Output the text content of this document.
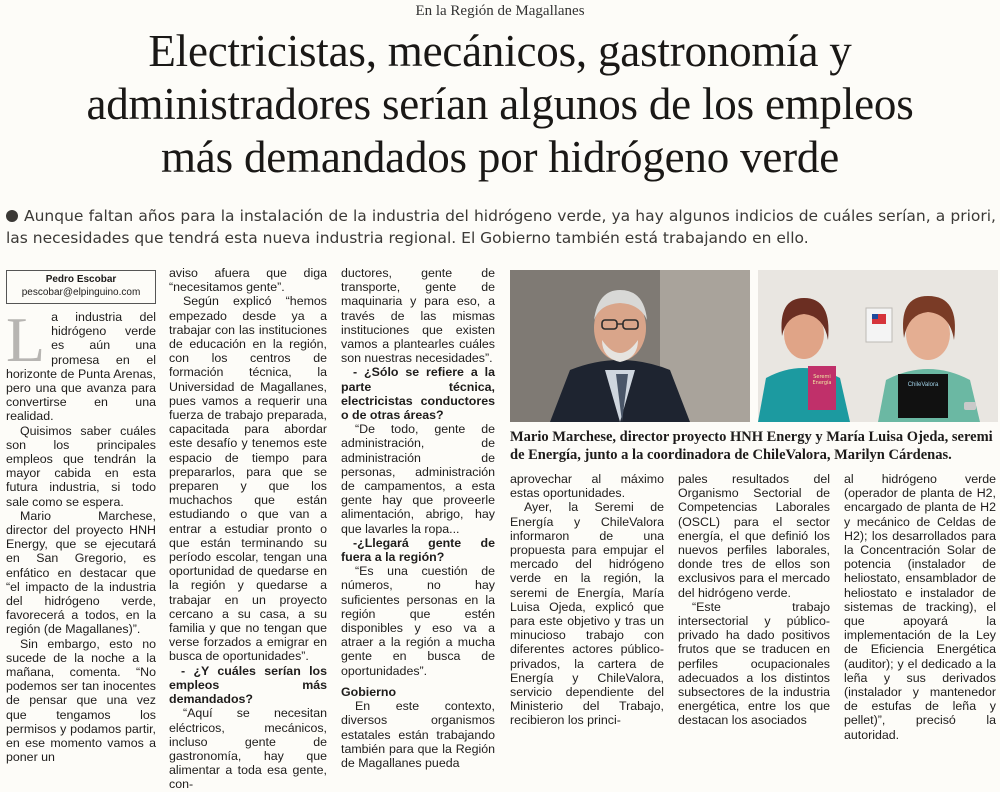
En la Región de Magallanes
Electricistas, mecánicos, gastronomía y
administradores serían algunos de los empleos
más demandados por hidrógeno verde
Aunque faltan años para la instalación de la industria del hidrógeno verde, ya hay algunos indicios de cuáles serían, a priori, las necesidades que tendrá esta nueva industria regional. El Gobierno también está trabajando en ello.
Pedro Escobar
pescobar@elpinguino.com

La industria del hidrógeno verde es aún una promesa en el horizonte de Punta Arenas, pero una que avanza para convertirse en una realidad.

Quisimos saber cuáles son los principales empleos que tendrán la mayor cabida en esta futura industria, si todo sale como se espera.

Mario Marchese, director del proyecto HNH Energy, que se ejecutará en San Gregorio, es enfático en destacar que “el impacto de la industria del hidrógeno verde, favorecerá a todos, en la región (de Magallanes)”.

Sin embargo, esto no sucede de la noche a la mañana, comenta. “No podemos ser tan inocentes de pensar que una vez que tengamos los permisos y podamos partir, en ese momento vamos a poner un

aviso afuera que diga “necesitamos gente”.

Según explicó “hemos empezado desde ya a trabajar con las instituciones de educación en la región, con los centros de formación técnica, la Universidad de Magallanes, pues vamos a requerir una fuerza de trabajo preparada, capacitada para abordar este desafío y tenemos este espacio de tiempo para prepararlos, para que se preparen y que los muchachos que están estudiando o que van a entrar a estudiar pronto o que están terminando su período escolar, tengan una oportunidad de quedarse en la región y quedarse a trabajar en un proyecto cercano a su casa, a su familia y que no tengan que verse forzados a emigrar en busca de oportunidades”.

- ¿Y cuáles serían los empleos más demandados?

“Aquí se necesitan eléctricos, mecánicos, incluso gente de gastronomía, hay que alimentar a toda esa gente, con-

ductores, gente de transporte, gente de maquinaria y para eso, a través de las mismas instituciones que existen vamos a plantearles cuáles son nuestras necesidades”.

- ¿Sólo se refiere a la parte técnica, electricistas conductores o de otras áreas?

“De todo, gente de administración, de administración de personas, administración de campamentos, a esta gente hay que proveerle alimentación, abrigo, hay que lavarles la ropa...

-¿Llegará gente de fuera a la región?

“Es una cuestión de números, no hay suficientes personas en la región que estén disponibles y eso va a atraer a la región a mucha gente en busca de oportunidades”.

Gobierno

En este contexto, diversos organismos estatales están trabajando también para que la Región de Magallanes pueda

Seremi Energía	ChileValora
Mario Marchese, director proyecto HNH Energy y María Luisa Ojeda, seremi de Energía, junto a la coordinadora de ChileValora, Marilyn Cárdenas.

aprovechar al máximo estas oportunidades.

Ayer, la Seremi de Energía y ChileValora informaron de una propuesta para empujar el mercado del hidrógeno verde en la región, la seremi de Energía, María Luisa Ojeda, explicó que para este objetivo y tras un minucioso trabajo con diferentes actores público-privados, la cartera de Energía y ChileValora, servicio dependiente del Ministerio del Trabajo, recibieron los princi-

pales resultados del Organismo Sectorial de Competencias Laborales (OSCL) para el sector energía, el que definió los nuevos perfiles laborales, donde tres de ellos son exclusivos para el mercado del hidrógeno verde.

“Este trabajo intersectorial y público-privado ha dado positivos frutos que se traducen en perfiles ocupacionales adecuados a los distintos subsectores de la industria energética, entre los que destacan los asociados

al hidrógeno verde (operador de planta de H2, encargado de planta de H2 y mecánico de Celdas de H2); los desarrollados para la Concentración Solar de potencia (instalador de heliostato, ensamblador de heliostato e instalador de sistemas de tracking), el que apoyará la implementación de la Ley de Eficiencia Energética (auditor); y el dedicado a la leña y sus derivados (instalador y mantenedor de estufas de leña y pellet)”, precisó la autoridad.
